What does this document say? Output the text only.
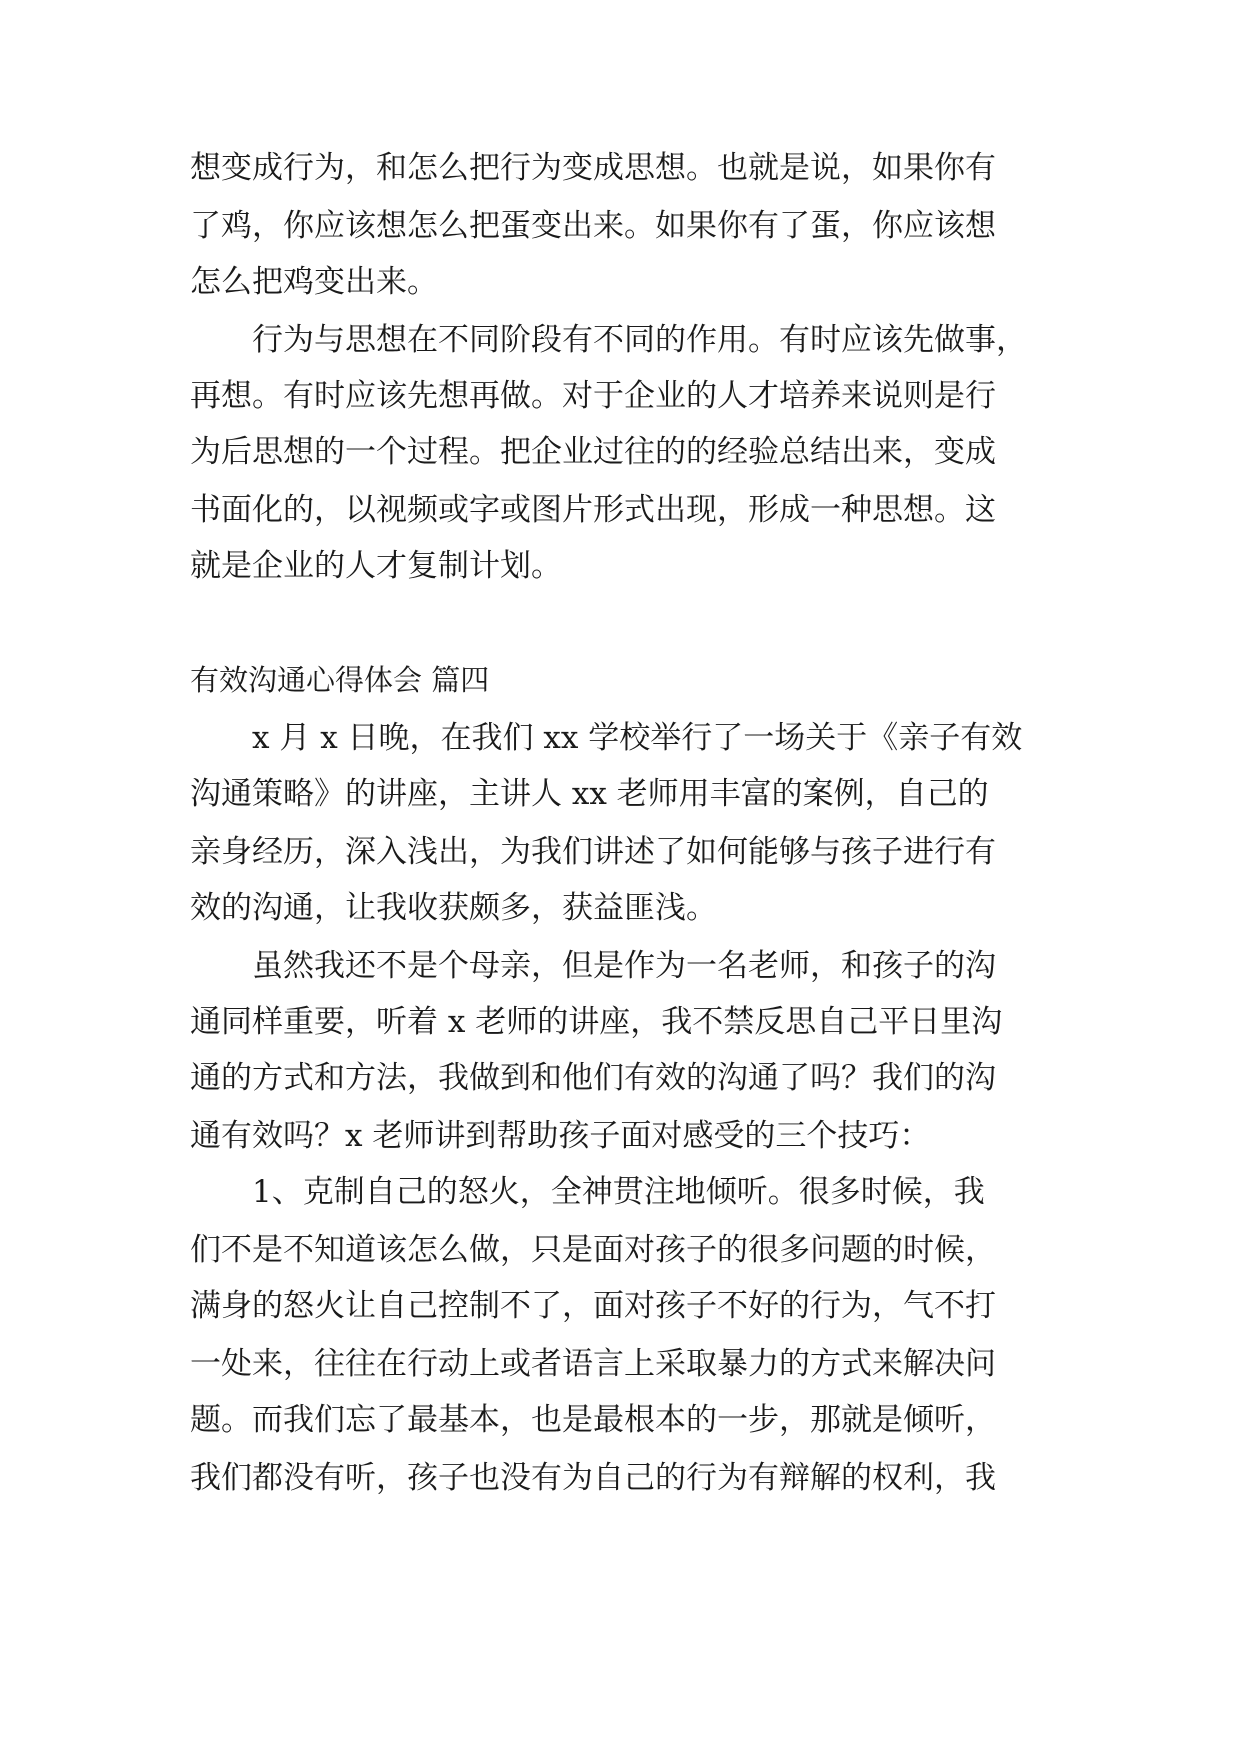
想变成行为，和怎么把行为变成思想。也就是说，如果你有
了鸡，你应该想怎么把蛋变出来。如果你有了蛋，你应该想
怎么把鸡变出来。
行为与思想在不同阶段有不同的作用。有时应该先做事，
再想。有时应该先想再做。对于企业的人才培养来说则是行
为后思想的一个过程。把企业过往的的经验总结出来，变成
书面化的，以视频或字或图片形式出现，形成一种思想。这
就是企业的人才复制计划。
有效沟通心得体会 篇四
x 月 x 日晚，在我们 xx 学校举行了一场关于《亲子有效
沟通策略》的讲座，主讲人 xx 老师用丰富的案例，自己的
亲身经历，深入浅出，为我们讲述了如何能够与孩子进行有
效的沟通，让我收获颇多，获益匪浅。
虽然我还不是个母亲，但是作为一名老师，和孩子的沟
通同样重要，听着 x 老师的讲座，我不禁反思自己平日里沟
通的方式和方法，我做到和他们有效的沟通了吗？我们的沟
通有效吗？x 老师讲到帮助孩子面对感受的三个技巧：
1、克制自己的怒火，全神贯注地倾听。很多时候，我
们不是不知道该怎么做，只是面对孩子的很多问题的时候，
满身的怒火让自己控制不了，面对孩子不好的行为，气不打
一处来，往往在行动上或者语言上采取暴力的方式来解决问
题。而我们忘了最基本，也是最根本的一步，那就是倾听，
我们都没有听，孩子也没有为自己的行为有辩解的权利，我
